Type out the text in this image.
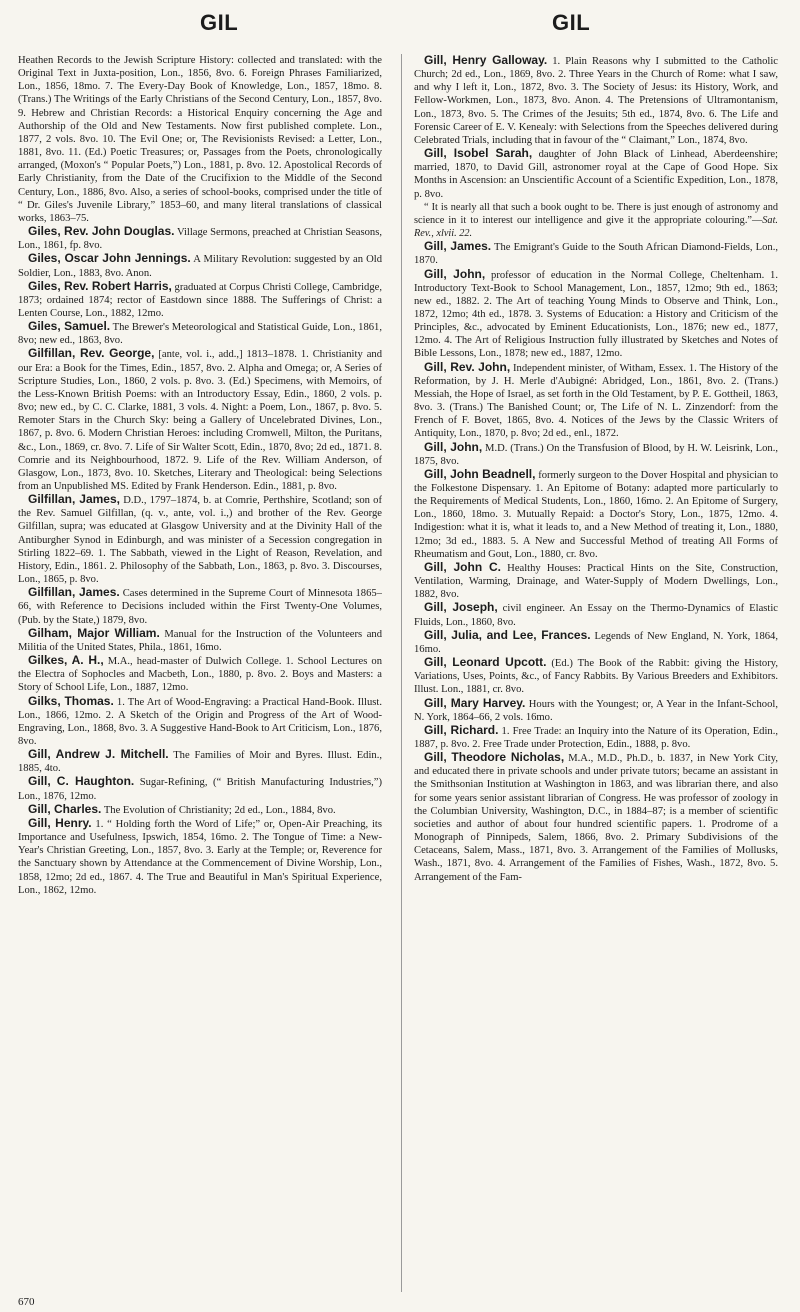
GIL	GIL

Heathen Records to the Jewish Scripture History: collected and translated: with the Original Text in Juxta-position, Lon., 1856, 8vo. 6. Foreign Phrases Familiarized, Lon., 1856, 18mo. 7. The Every-Day Book of Knowledge, Lon., 1857, 18mo. 8. (Trans.) The Writings of the Early Christians of the Second Century, Lon., 1857, 8vo. 9. Hebrew and Christian Records: a Historical Enquiry concerning the Age and Authorship of the Old and New Testaments. Now first published complete. Lon., 1877, 2 vols. 8vo. 10. The Evil One; or, The Revisionists Revised: a Letter, Lon., 1881, 8vo. 11. (Ed.) Poetic Treasures; or, Passages from the Poets, chronologically arranged, (Moxon's “ Popular Poets,”) Lon., 1881, p. 8vo. 12. Apostolical Records of Early Christianity, from the Date of the Crucifixion to the Middle of the Second Century, Lon., 1886, 8vo. Also, a series of school-books, comprised under the title of “ Dr. Giles's Juvenile Library,” 1853–60, and many literal translations of classical works, 1863–75.

Giles, Rev. John Douglas. Village Sermons, preached at Christian Seasons, Lon., 1861, fp. 8vo.

Giles, Oscar John Jennings. A Military Revolution: suggested by an Old Soldier, Lon., 1883, 8vo. Anon.

Giles, Rev. Robert Harris, graduated at Corpus Christi College, Cambridge, 1873; ordained 1874; rector of Eastdown since 1888. The Sufferings of Christ: a Lenten Course, Lon., 1882, 12mo.

Giles, Samuel. The Brewer's Meteorological and Statistical Guide, Lon., 1861, 8vo; new ed., 1863, 8vo.

Gilfillan, Rev. George, [ante, vol. i., add.,] 1813–1878. 1. Christianity and our Era: a Book for the Times, Edin., 1857, 8vo. 2. Alpha and Omega; or, A Series of Scripture Studies, Lon., 1860, 2 vols. p. 8vo. 3. (Ed.) Specimens, with Memoirs, of the Less-Known British Poems: with an Introductory Essay, Edin., 1860, 2 vols. p. 8vo; new ed., by C. C. Clarke, 1881, 3 vols. 4. Night: a Poem, Lon., 1867, p. 8vo. 5. Remoter Stars in the Church Sky: being a Gallery of Uncelebrated Divines, Lon., 1867, p. 8vo. 6. Modern Christian Heroes: including Cromwell, Milton, the Puritans, &c., Lon., 1869, cr. 8vo. 7. Life of Sir Walter Scott, Edin., 1870, 8vo; 2d ed., 1871. 8. Comrie and its Neighbourhood, 1872. 9. Life of the Rev. William Anderson, of Glasgow, Lon., 1873, 8vo. 10. Sketches, Literary and Theological: being Selections from an Unpublished MS. Edited by Frank Henderson. Edin., 1881, p. 8vo.

Gilfillan, James, D.D., 1797–1874, b. at Comrie, Perthshire, Scotland; son of the Rev. Samuel Gilfillan, (q. v., ante, vol. i.,) and brother of the Rev. George Gilfillan, supra; was educated at Glasgow University and at the Divinity Hall of the Antiburgher Synod in Edinburgh, and was minister of a Secession congregation in Stirling 1822–69. 1. The Sabbath, viewed in the Light of Reason, Revelation, and History, Edin., 1861. 2. Philosophy of the Sabbath, Lon., 1863, p. 8vo. 3. Discourses, Lon., 1865, p. 8vo.

Gilfillan, James. Cases determined in the Supreme Court of Minnesota 1865–66, with Reference to Decisions included within the First Twenty-One Volumes, (Pub. by the State,) 1879, 8vo.

Gilham, Major William. Manual for the Instruction of the Volunteers and Militia of the United States, Phila., 1861, 16mo.

Gilkes, A. H., M.A., head-master of Dulwich College. 1. School Lectures on the Electra of Sophocles and Macbeth, Lon., 1880, p. 8vo. 2. Boys and Masters: a Story of School Life, Lon., 1887, 12mo.

Gilks, Thomas. 1. The Art of Wood-Engraving: a Practical Hand-Book. Illust. Lon., 1866, 12mo. 2. A Sketch of the Origin and Progress of the Art of Wood-Engraving, Lon., 1868, 8vo. 3. A Suggestive Hand-Book to Art Criticism, Lon., 1876, 8vo.

Gill, Andrew J. Mitchell. The Families of Moir and Byres. Illust. Edin., 1885, 4to.

Gill, C. Haughton. Sugar-Refining, (“ British Manufacturing Industries,”) Lon., 1876, 12mo.

Gill, Charles. The Evolution of Christianity; 2d ed., Lon., 1884, 8vo.

Gill, Henry. 1. “ Holding forth the Word of Life;” or, Open-Air Preaching, its Importance and Usefulness, Ipswich, 1854, 16mo. 2. The Tongue of Time: a New-Year's Christian Greeting, Lon., 1857, 8vo. 3. Early at the Temple; or, Reverence for the Sanctuary shown by Attendance at the Commencement of Divine Worship, Lon., 1858, 12mo; 2d ed., 1867. 4. The True and Beautiful in Man's Spiritual Experience, Lon., 1862, 12mo.

Gill, Henry Galloway. 1. Plain Reasons why I submitted to the Catholic Church; 2d ed., Lon., 1869, 8vo. 2. Three Years in the Church of Rome: what I saw, and why I left it, Lon., 1872, 8vo. 3. The Society of Jesus: its History, Work, and Fellow-Workmen, Lon., 1873, 8vo. Anon. 4. The Pretensions of Ultramontanism, Lon., 1873, 8vo. 5. The Crimes of the Jesuits; 5th ed., 1874, 8vo. 6. The Life and Forensic Career of E. V. Kenealy: with Selections from the Speeches delivered during Celebrated Trials, including that in favour of the “ Claimant,” Lon., 1874, 8vo.

Gill, Isobel Sarah, daughter of John Black of Linhead, Aberdeenshire; married, 1870, to David Gill, astronomer royal at the Cape of Good Hope. Six Months in Ascension: an Unscientific Account of a Scientific Expedition, Lon., 1878, p. 8vo.

“ It is nearly all that such a book ought to be. There is just enough of astronomy and science in it to interest our intelligence and give it the appropriate colouring.”—Sat. Rev., xlvii. 22.

Gill, James. The Emigrant's Guide to the South African Diamond-Fields, Lon., 1870.

Gill, John, professor of education in the Normal College, Cheltenham. 1. Introductory Text-Book to School Management, Lon., 1857, 12mo; 9th ed., 1863; new ed., 1882. 2. The Art of teaching Young Minds to Observe and Think, Lon., 1872, 12mo; 4th ed., 1878. 3. Systems of Education: a History and Criticism of the Principles, &c., advocated by Eminent Educationists, Lon., 1876; new ed., 1877, 12mo. 4. The Art of Religious Instruction fully illustrated by Sketches and Notes of Bible Lessons, Lon., 1878; new ed., 1887, 12mo.

Gill, Rev. John, Independent minister, of Witham, Essex. 1. The History of the Reformation, by J. H. Merle d'Aubigné: Abridged, Lon., 1861, 8vo. 2. (Trans.) Messiah, the Hope of Israel, as set forth in the Old Testament, by P. E. Gottheil, 1863, 8vo. 3. (Trans.) The Banished Count; or, The Life of N. L. Zinzendorf: from the French of F. Bovet, 1865, 8vo. 4. Notices of the Jews by the Classic Writers of Antiquity, Lon., 1870, p. 8vo; 2d ed., enl., 1872.

Gill, John, M.D. (Trans.) On the Transfusion of Blood, by H. W. Leisrink, Lon., 1875, 8vo.

Gill, John Beadnell, formerly surgeon to the Dover Hospital and physician to the Folkestone Dispensary. 1. An Epitome of Botany: adapted more particularly to the Requirements of Medical Students, Lon., 1860, 16mo. 2. An Epitome of Surgery, Lon., 1860, 18mo. 3. Mutually Repaid: a Doctor's Story, Lon., 1875, 12mo. 4. Indigestion: what it is, what it leads to, and a New Method of treating it, Lon., 1880, 12mo; 3d ed., 1883. 5. A New and Successful Method of treating All Forms of Rheumatism and Gout, Lon., 1880, cr. 8vo.

Gill, John C. Healthy Houses: Practical Hints on the Site, Construction, Ventilation, Warming, Drainage, and Water-Supply of Modern Dwellings, Lon., 1882, 8vo.

Gill, Joseph, civil engineer. An Essay on the Thermo-Dynamics of Elastic Fluids, Lon., 1860, 8vo.

Gill, Julia, and Lee, Frances. Legends of New England, N. York, 1864, 16mo.

Gill, Leonard Upcott. (Ed.) The Book of the Rabbit: giving the History, Variations, Uses, Points, &c., of Fancy Rabbits. By Various Breeders and Exhibitors. Illust. Lon., 1881, cr. 8vo.

Gill, Mary Harvey. Hours with the Youngest; or, A Year in the Infant-School, N. York, 1864–66, 2 vols. 16mo.

Gill, Richard. 1. Free Trade: an Inquiry into the Nature of its Operation, Edin., 1887, p. 8vo. 2. Free Trade under Protection, Edin., 1888, p. 8vo.

Gill, Theodore Nicholas, M.A., M.D., Ph.D., b. 1837, in New York City, and educated there in private schools and under private tutors; became an assistant in the Smithsonian Institution at Washington in 1863, and was librarian there, and also for some years senior assistant librarian of Congress. He was professor of zoology in the Columbian University, Washington, D.C., in 1884–87; is a member of scientific societies and author of about four hundred scientific papers. 1. Prodrome of a Monograph of Pinnipeds, Salem, 1866, 8vo. 2. Primary Subdivisions of the Cetaceans, Salem, Mass., 1871, 8vo. 3. Arrangement of the Families of Mollusks, Wash., 1871, 8vo. 4. Arrangement of the Families of Fishes, Wash., 1872, 8vo. 5. Arrangement of the Fam-

670
